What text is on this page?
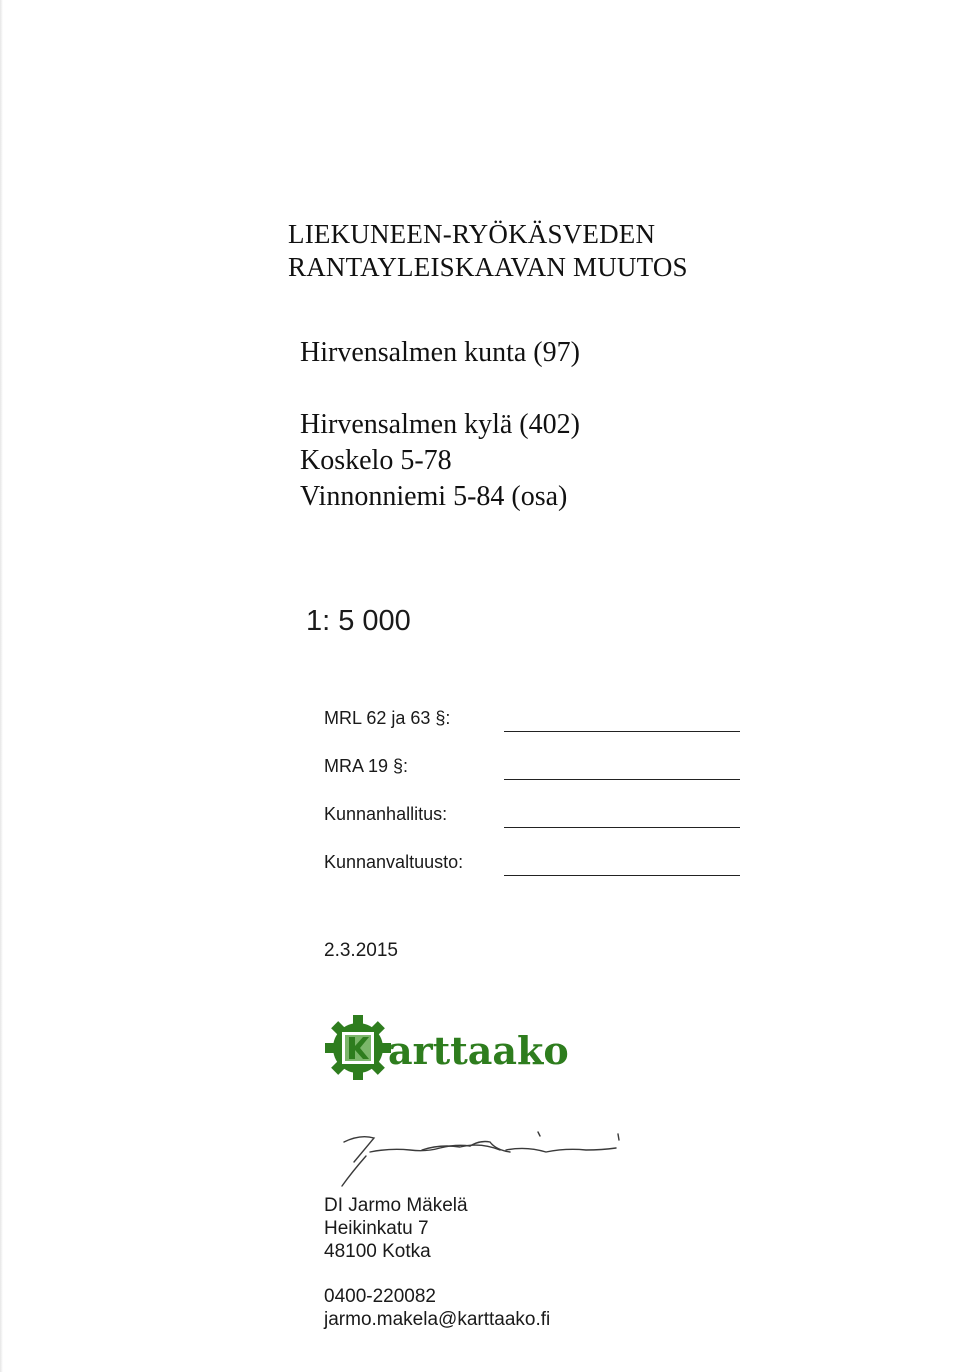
LIEKUNEEN-RYÖKÄSVEDEN
RANTAYLEISKAAVAN MUUTOS
Hirvensalmen kunta (97)
Hirvensalmen kylä (402)
Koskelo 5-78
Vinnonniemi 5-84 (osa)
1: 5 000
MRL 62 ja 63 §:
MRA 19 §:
Kunnanhallitus:
Kunnanvaltuusto:
2.3.2015
arttaako
DI Jarmo Mäkelä
Heikinkatu 7
48100 Kotka
0400-220082
jarmo.makela@karttaako.fi
